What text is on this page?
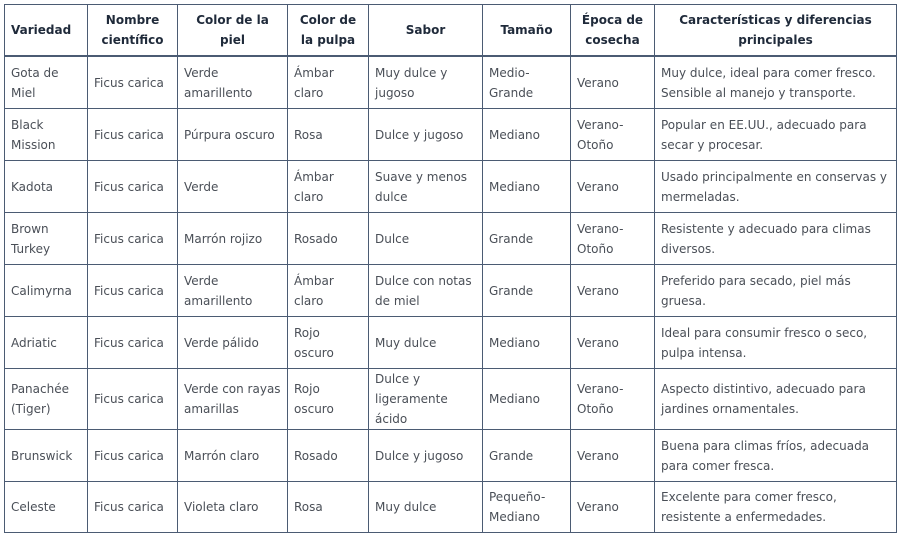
Variedad	Nombre científico	Color de la piel	Color de la pulpa	Sabor	Tamaño	Época de cosecha	Características y diferencias principales
Gota de Miel	Ficus carica	Verde amarillento	Ámbar claro	Muy dulce y jugoso	Medio-Grande	Verano	Muy dulce, ideal para comer fresco. Sensible al manejo y transporte.
Black Mission	Ficus carica	Púrpura oscuro	Rosa	Dulce y jugoso	Mediano	Verano-Otoño	Popular en EE.UU., adecuado para secar y procesar.
Kadota	Ficus carica	Verde	Ámbar claro	Suave y menos dulce	Mediano	Verano	Usado principalmente en conservas y mermeladas.
Brown Turkey	Ficus carica	Marrón rojizo	Rosado	Dulce	Grande	Verano-Otoño	Resistente y adecuado para climas diversos.
Calimyrna	Ficus carica	Verde amarillento	Ámbar claro	Dulce con notas de miel	Grande	Verano	Preferido para secado, piel más gruesa.
Adriatic	Ficus carica	Verde pálido	Rojo oscuro	Muy dulce	Mediano	Verano	Ideal para consumir fresco o seco, pulpa intensa.
Panachée (Tiger)	Ficus carica	Verde con rayas amarillas	Rojo oscuro	Dulce y ligeramente ácido	Mediano	Verano-Otoño	Aspecto distintivo, adecuado para jardines ornamentales.
Brunswick	Ficus carica	Marrón claro	Rosado	Dulce y jugoso	Grande	Verano	Buena para climas fríos, adecuada para comer fresca.
Celeste	Ficus carica	Violeta claro	Rosa	Muy dulce	Pequeño-Mediano	Verano	Excelente para comer fresco, resistente a enfermedades.
